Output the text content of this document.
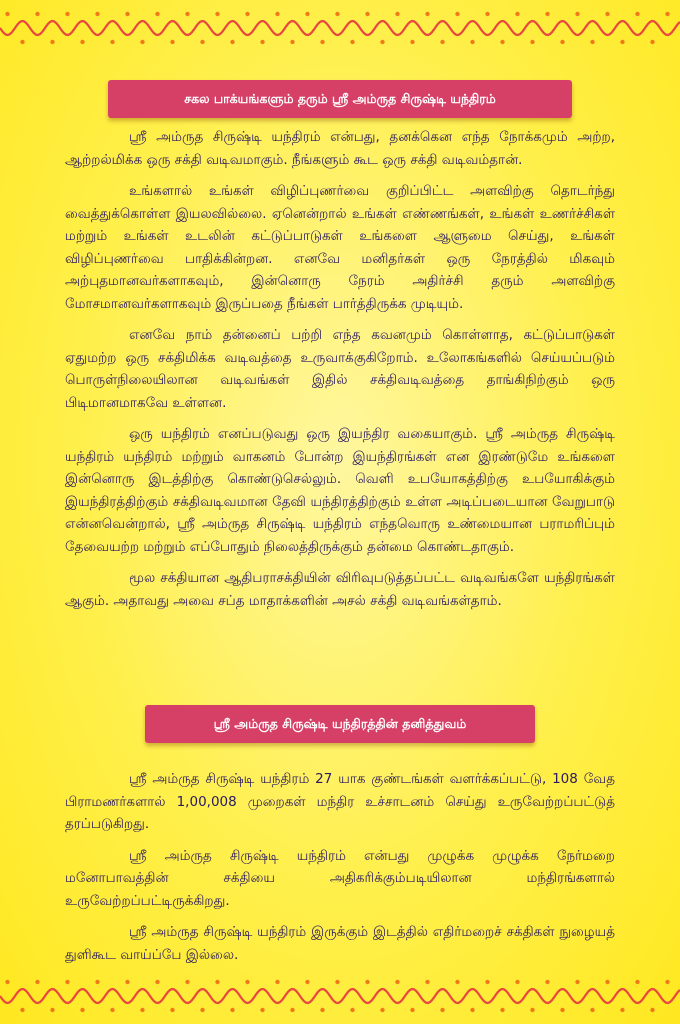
சகல பாக்யங்களும் தரும் ஸ்ரீ அம்ருத சிருஷ்டி யந்திரம்

ஸ்ரீ அம்ருத சிருஷ்டி யந்திரம் என்பது, தனக்கென எந்த நோக்கமும் அற்ற, ஆற்றல்மிக்க ஒரு சக்தி வடிவமாகும். நீங்களும் கூட ஒரு சக்தி வடிவம்தான்.

உங்களால் உங்கள் விழிப்புணர்வை குறிப்பிட்ட அளவிற்கு தொடர்ந்து வைத்துக்கொள்ள இயலவில்லை. ஏனென்றால் உங்கள் எண்ணங்கள், உங்கள் உணர்ச்சிகள் மற்றும் உங்கள் உடலின் கட்டுப்பாடுகள் உங்களை ஆளுமை செய்து, உங்கள் விழிப்புணர்வை பாதிக்கின்றன. எனவே மனிதர்கள் ஒரு நேரத்தில் மிகவும் அற்புதமானவர்களாகவும், இன்னொரு நேரம் அதிர்ச்சி தரும் அளவிற்கு மோசமானவர்களாகவும் இருப்பதை நீங்கள் பார்த்திருக்க முடியும்.

எனவே நாம் தன்னைப் பற்றி எந்த கவனமும் கொள்ளாத, கட்டுப்பாடுகள் ஏதுமற்ற ஒரு சக்திமிக்க வடிவத்தை உருவாக்குகிறோம். உலோகங்களில் செய்யப்படும் பொருள்நிலையிலான வடிவங்கள் இதில் சக்திவடிவத்தை தாங்கிநிற்கும் ஒரு பிடிமானமாகவே உள்ளன.

ஒரு யந்திரம் எனப்படுவது ஒரு இயந்திர வகையாகும். ஸ்ரீ அம்ருத சிருஷ்டி யந்திரம் யந்திரம் மற்றும் வாகனம் போன்ற இயந்திரங்கள் என இரண்டுமே உங்களை இன்னொரு இடத்திற்கு கொண்டுசெல்லும். வெளி உபயோகத்திற்கு உபயோகிக்கும் இயந்திரத்திற்கும் சக்திவடிவமான தேவி யந்திரத்திற்கும் உள்ள அடிப்படையான வேறுபாடு என்னவென்றால், ஸ்ரீ அம்ருத சிருஷ்டி யந்திரம் எந்தவொரு உண்மையான பராமரிப்பும் தேவையற்ற மற்றும் எப்போதும் நிலைத்திருக்கும் தன்மை கொண்டதாகும்.

மூல சக்தியான ஆதிபராசக்தியின் விரிவுபடுத்தப்பட்ட வடிவங்களே யந்திரங்கள் ஆகும். அதாவது அவை சப்த மாதாக்களின் அசல் சக்தி வடிவங்கள்தாம்.

ஸ்ரீ அம்ருத சிருஷ்டி யந்திரத்தின் தனித்துவம்

ஸ்ரீ அம்ருத சிருஷ்டி யந்திரம் 27 யாக குண்டங்கள் வளர்க்கப்பட்டு, 108 வேத பிராமணர்களால் 1,00,008 முறைகள் மந்திர உச்சாடனம் செய்து உருவேற்றப்பட்டுத் தரப்படுகிறது.

ஸ்ரீ அம்ருத சிருஷ்டி யந்திரம் என்பது முழுக்க முழுக்க நேர்மறை மனோபாவத்தின் சக்தியை அதிகரிக்கும்படியிலான மந்திரங்களால் உருவேற்றப்பட்டிருக்கிறது.

ஸ்ரீ அம்ருத சிருஷ்டி யந்திரம் இருக்கும் இடத்தில் எதிர்மறைச் சக்திகள் நுழையத் துளிகூட வாய்ப்பே இல்லை.
